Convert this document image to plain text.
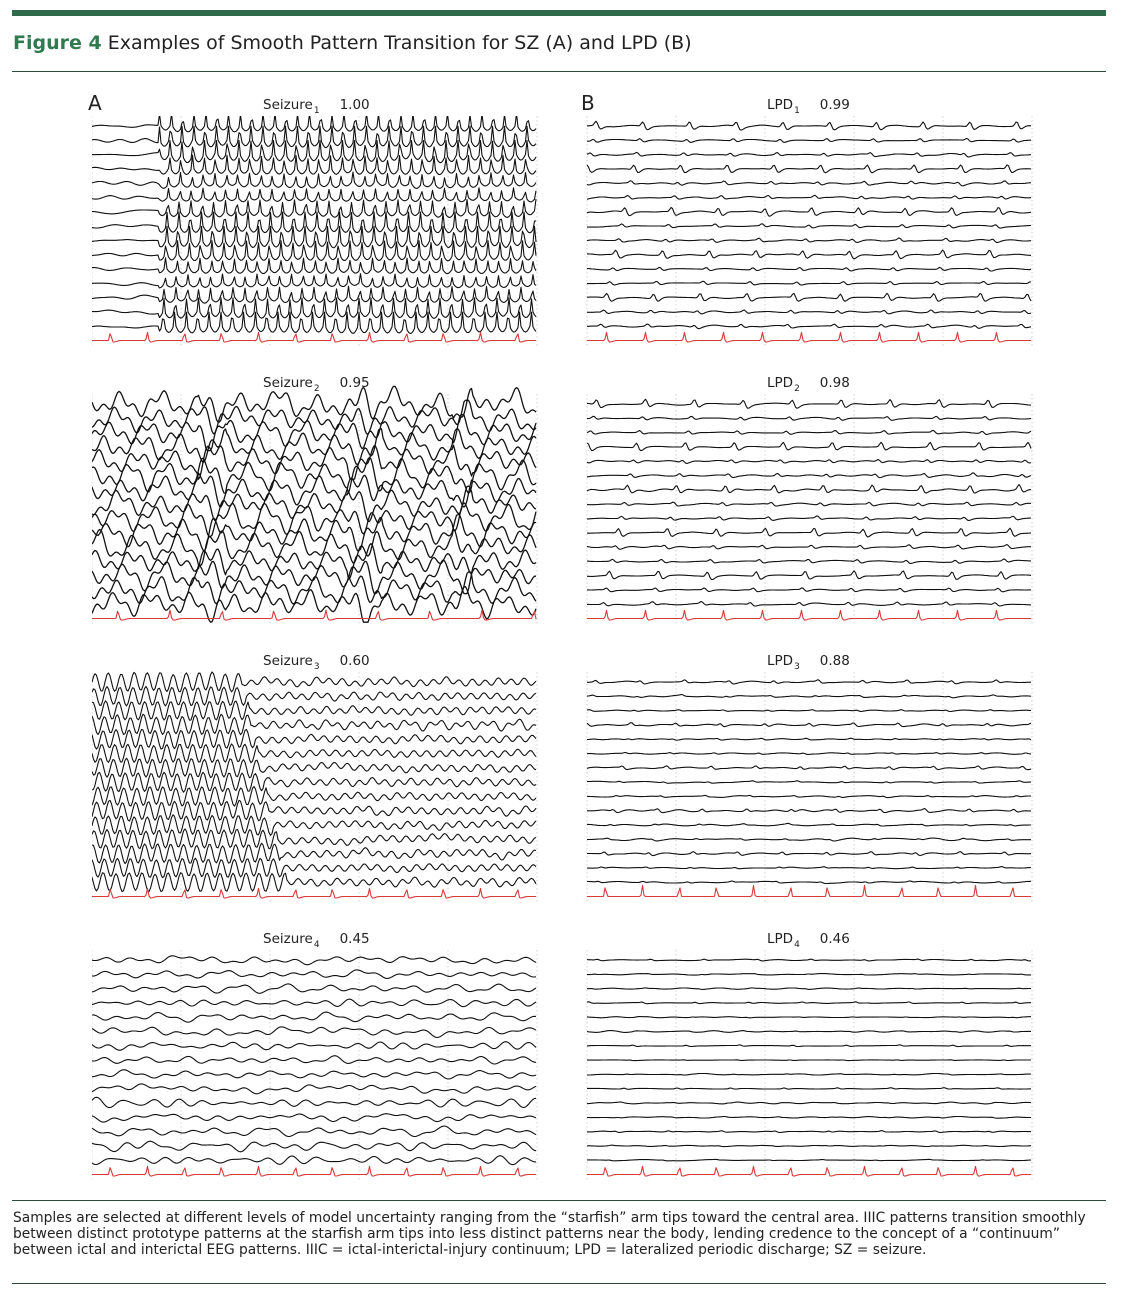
Figure 4 Examples of Smooth Pattern Transition for SZ (A) and LPD (B)
A	B
Seizure$_1$ 1.00	$LPD_1$ 0.99
Seizure$_2$ 0.95	$LPD_2$ 0.98
Seizure$_3$ 0.60	$LPD_3$ 0.88
Seizure$_4$ 0.45	$LPD_4$ 0.46
Samples are selected at different levels of model uncertainty ranging from the “starfish” arm tips toward the central area. IIIC patterns transition smoothly between distinct prototype patterns at the starfish arm tips into less distinct patterns near the body, lending credence to the concept of a “continuum” between ictal and interictal EEG patterns. IIIC = ictal-interictal-injury continuum; LPD = lateralized periodic discharge; SZ = seizure.
